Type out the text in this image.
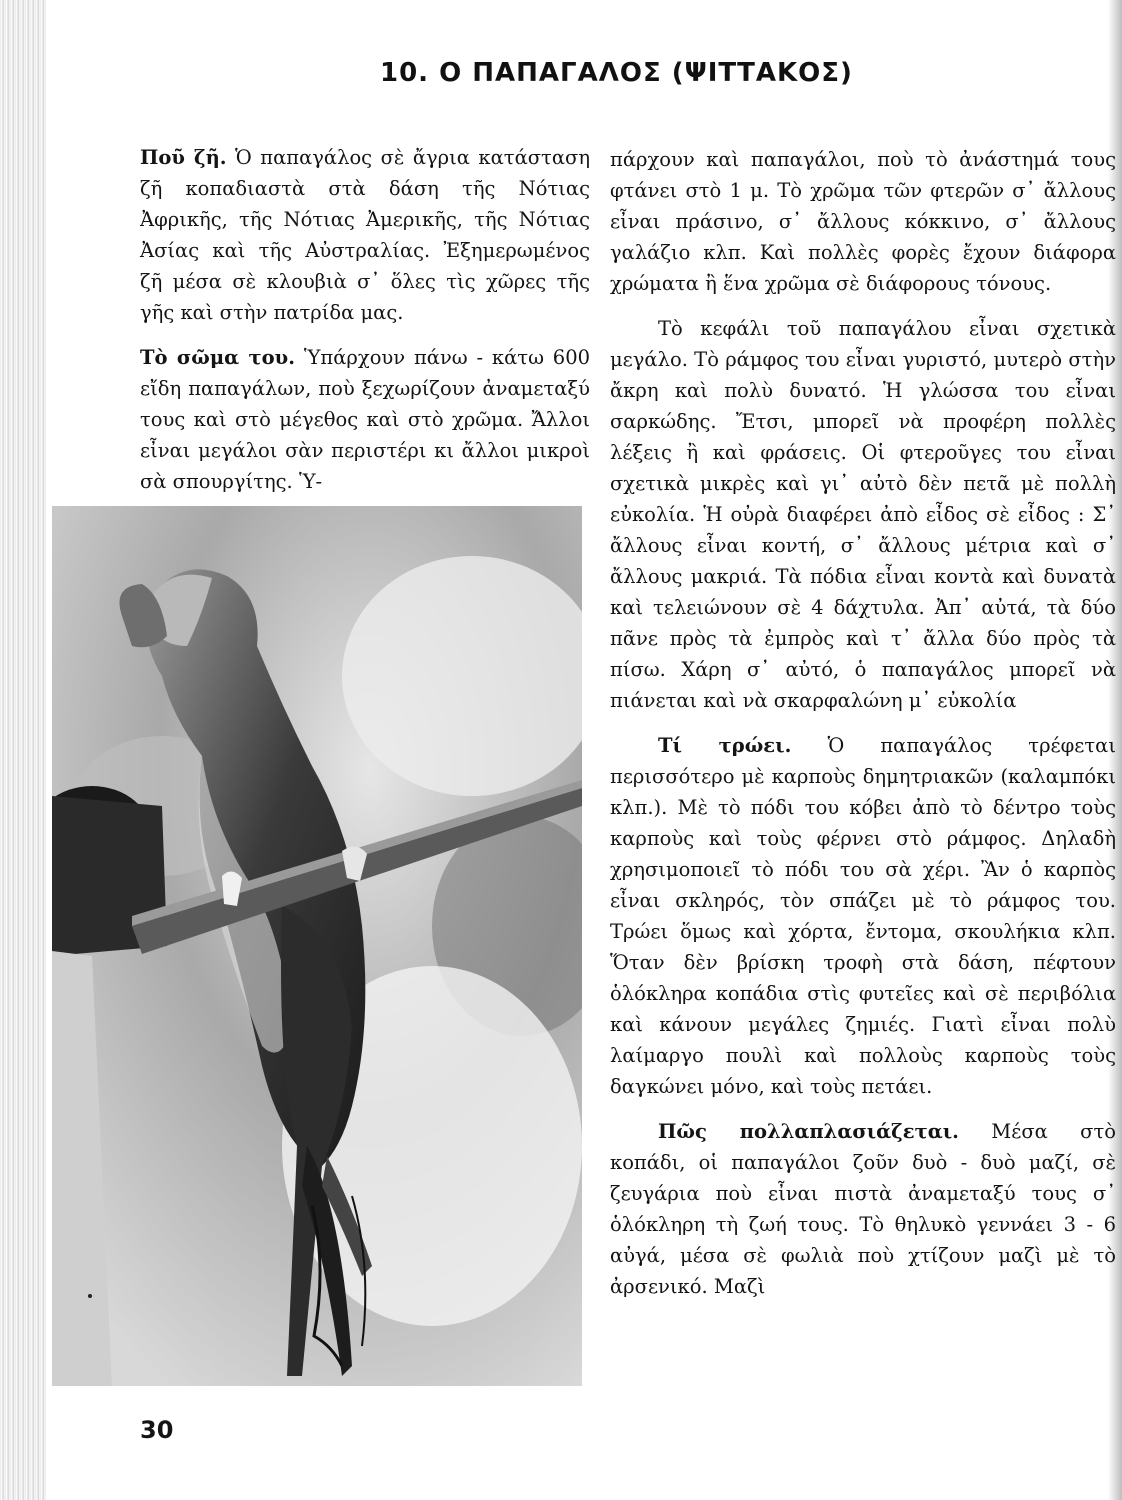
10. Ο ΠΑΠΑΓΑΛΟΣ (ΨΙΤΤΑΚΟΣ)

Ποῦ ζῆ. Ὁ παπαγάλος σὲ ἄγρια κατάσταση ζῆ κοπαδιαστὰ στὰ δάση τῆς Νότιας Ἀφρικῆς, τῆς Νότιας Ἀμερικῆς, τῆς Νότιας Ἀσίας καὶ τῆς Αὐστραλίας. Ἐξημερωμένος ζῆ μέσα σὲ κλουβιὰ σ᾽ ὅλες τὶς χῶρες τῆς γῆς καὶ στὴν πατρίδα μας.

Τὸ σῶμα του. Ὑπάρχουν πάνω - κάτω 600 εἴδη παπαγάλων, ποὺ ξεχωρίζουν ἀναμεταξύ τους καὶ στὸ μέγεθος καὶ στὸ χρῶμα. Ἄλλοι εἶναι μεγάλοι σὰν περιστέρι κι ἄλλοι μικροὶ σὰ σπουργίτης. Ὑ-

πάρχουν καὶ παπαγάλοι, ποὺ τὸ ἀνάστημά τους φτάνει στὸ 1 μ. Τὸ χρῶμα τῶν φτερῶν σ᾽ ἄλλους εἶναι πράσινο, σ᾽ ἄλλους κόκκινο, σ᾽ ἄλλους γαλάζιο κλπ. Καὶ πολλὲς φορὲς ἔχουν διάφορα χρώματα ἢ ἕνα χρῶμα σὲ διάφορους τόνους.

Τὸ κεφάλι τοῦ παπαγάλου εἶναι σχετικὰ μεγάλο. Τὸ ράμφος του εἶναι γυριστό, μυτερὸ στὴν ἄκρη καὶ πολὺ δυνατό. Ἡ γλώσσα του εἶναι σαρκώδης. Ἔτσι, μπορεῖ νὰ προφέρη πολλὲς λέξεις ἢ καὶ φράσεις. Οἱ φτεροῦγες του εἶναι σχετικὰ μικρὲς καὶ γι᾽ αὐτὸ δὲν πετᾶ μὲ πολλὴ εὐκολία. Ἡ οὐρὰ διαφέρει ἀπὸ εἶδος σὲ εἶδος : Σ᾽ ἄλλους εἶναι κοντή, σ᾽ ἄλλους μέτρια καὶ σ᾽ ἄλλους μακριά. Τὰ πόδια εἶναι κοντὰ καὶ δυνατὰ καὶ τελειώνουν σὲ 4 δάχτυλα. Ἀπ᾽ αὐτά, τὰ δύο πᾶνε πρὸς τὰ ἐμπρὸς καὶ τ᾽ ἄλλα δύο πρὸς τὰ πίσω. Χάρη σ᾽ αὐτό, ὁ παπαγάλος μπορεῖ νὰ πιάνεται καὶ νὰ σκαρφαλώνη μ᾽ εὐκολία

Τί τρώει. Ὁ παπαγάλος τρέφεται περισσότερο μὲ καρποὺς δημητριακῶν (καλαμπόκι κλπ.). Μὲ τὸ πόδι του κόβει ἀπὸ τὸ δέντρο τοὺς καρποὺς καὶ τοὺς φέρνει στὸ ράμφος. Δηλαδὴ χρησιμοποιεῖ τὸ πόδι του σὰ χέρι. Ἂν ὁ καρπὸς εἶναι σκληρός, τὸν σπάζει μὲ τὸ ράμφος του. Τρώει ὅμως καὶ χόρτα, ἔντομα, σκουλήκια κλπ. Ὅταν δὲν βρίσκη τροφὴ στὰ δάση, πέφτουν ὁλόκληρα κοπάδια στὶς φυτεῖες καὶ σὲ περιβόλια καὶ κάνουν μεγάλες ζημιές. Γιατὶ εἶναι πολὺ λαίμαργο πουλὶ καὶ πολλοὺς καρποὺς τοὺς δαγκώνει μόνο, καὶ τοὺς πετάει.

Πῶς πολλαπλασιάζεται. Μέσα στὸ κοπάδι, οἱ παπαγάλοι ζοῦν δυὸ - δυὸ μαζί, σὲ ζευγάρια ποὺ εἶναι πιστὰ ἀναμεταξύ τους σ᾽ ὁλόκληρη τὴ ζωή τους. Τὸ θηλυκὸ γεννάει 3 - 6 αὐγά, μέσα σὲ φωλιὰ ποὺ χτίζουν μαζὶ μὲ τὸ ἀρσενικό. Μαζὶ

30
